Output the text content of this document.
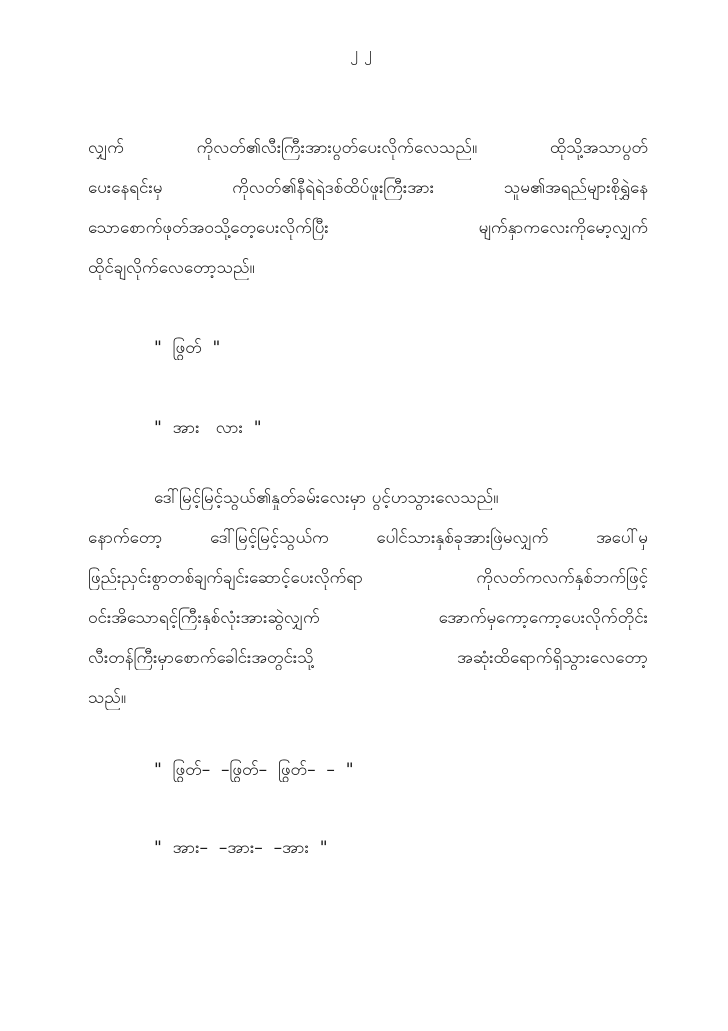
၂၂
လျှက် ကိုလတ်၏လီးကြီးအားပွတ်ပေးလိုက်လေသည်။ ထိုသို့အသာပွတ်
ပေးနေရင်းမှ ကိုလတ်၏နီရဲရဲဒစ်ထိပ်ဖူးကြီးအား သူမ၏အရည်များစိုရွှဲနေ
သောစောက်ဖုတ်အဝသို့တေ့ပေးလိုက်ပြီး မျက်နှာကလေးကိုမော့လျှက်
ထိုင်ချလိုက်လေတော့သည်။
"  ဖြွတ်  "
"  အား   လား  "
ဒေါ်မြင့်မြင့်သွယ်၏နှုတ်ခမ်းလေးမှာ ပွင့်ဟသွားလေသည်။
နောက်တော့ ဒေါ်မြင့်မြင့်သွယ်က ပေါင်သားနှစ်ခုအားဖြဲမလျှက် အပေါ်မှ
ဖြည်းညှင်းစွာတစ်ချက်ချင်းဆောင့်ပေးလိုက်ရာ ကိုလတ်ကလက်နှစ်ဘက်ဖြင့်
ဝင်းအိသောရင့်ကြီးနှစ်လုံးအားဆွဲလျှက် အောက်မှကော့ကော့ပေးလိုက်တိုင်း
လီးတန်ကြီးမှာစောက်ခေါင်းအတွင်းသို့ အဆုံးထိရောက်ရှိသွားလေတော့
သည်။
"  ဖြွတ်–  –ဖြွတ်–  ဖြွတ်–  –  "
"  အား–  –အား–  –အား  "
